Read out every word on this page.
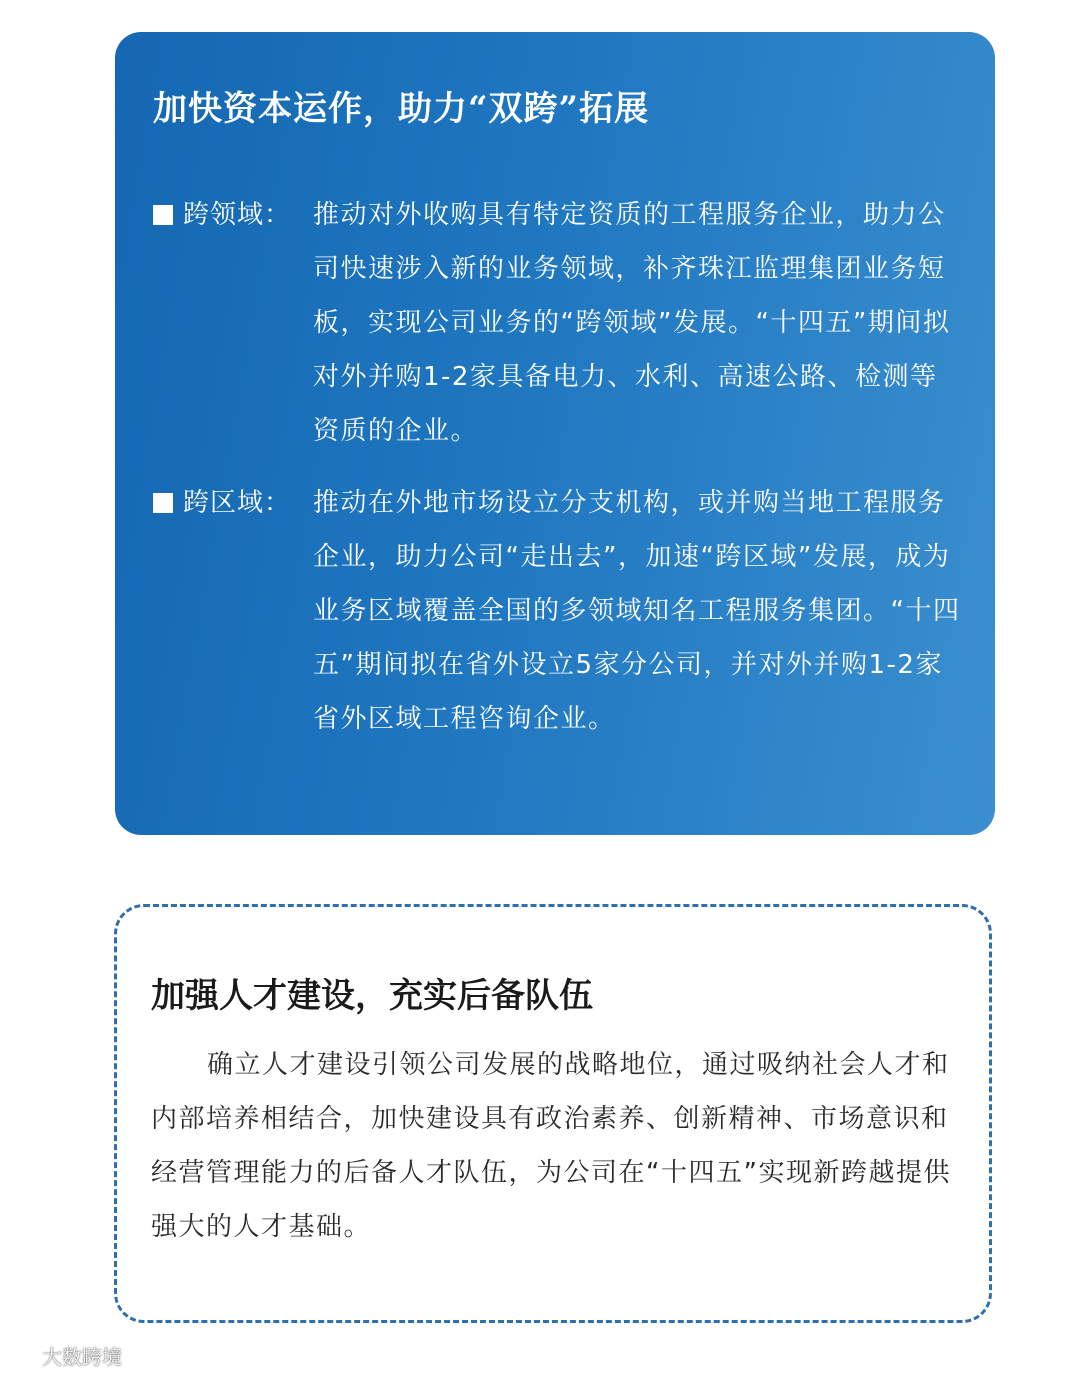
加快资本运作，助力“双跨”拓展
跨领域： 推动对外收购具有特定资质的工程服务企业，助力公司快速涉入新的业务领域，补齐珠江监理集团业务短板，实现公司业务的“跨领域”发展。“十四五”期间拟对外并购1-2家具备电力、水利、高速公路、检测等资质的企业。

跨区域： 推动在外地市场设立分支机构，或并购当地工程服务企业，助力公司“走出去”，加速“跨区域”发展，成为业务区域覆盖全国的多领域知名工程服务集团。“十四五”期间拟在省外设立5家分公司，并对外并购1-2家省外区域工程咨询企业。

加强人才建设，充实后备队伍

确立人才建设引领公司发展的战略地位，通过吸纳社会人才和内部培养相结合，加快建设具有政治素养、创新精神、市场意识和经营管理能力的后备人才队伍，为公司在“十四五”实现新跨越提供强大的人才基础。

大数跨境
